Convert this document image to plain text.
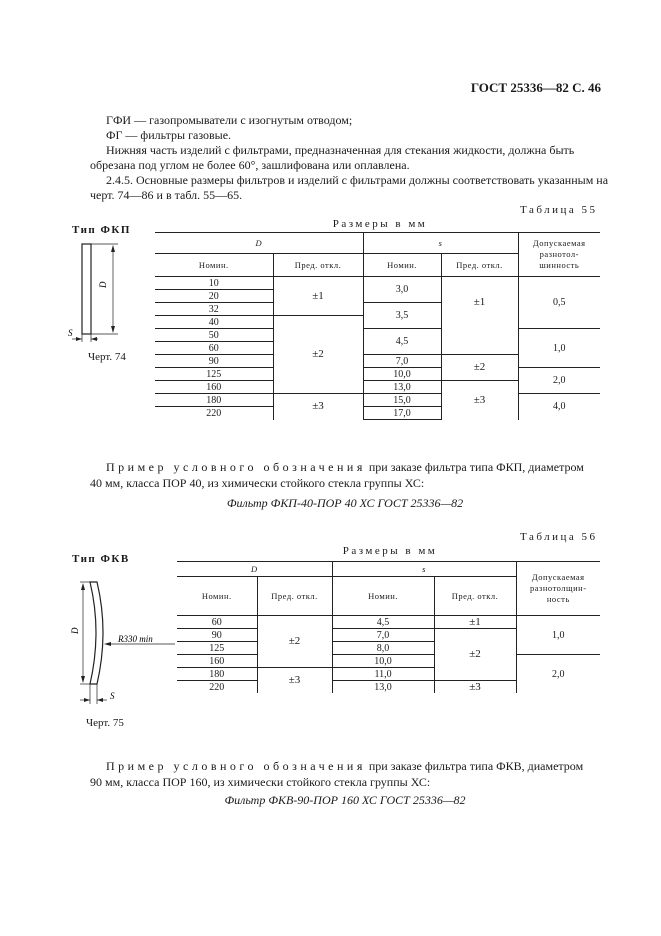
ГОСТ 25336—82 С. 46
ГФИ — газопромыватели с изогнутым отводом;
ФГ — фильтры газовые.
Нижняя часть изделий с фильтрами, предназначенная для стекания жидкости, должна быть
обрезана под углом не более 60°, зашлифована или оплавлена.
2.4.5. Основные размеры фильтров и изделий с фильтрами должны соответствовать указанным на
черт. 74—86 и в табл. 55—65.
Таблица 55
Размеры в мм
Тип ФКП
D
S
Черт. 74
D		s		Допускаемая
разнотол-
шинность

Номин.	Пред. откл.	Номин.	Пред. откл.	
10	±1	3,0	±1	0,5
20				
32		3,5		
40	±2			
50		4,5		1,0
60				
90		7,0	±2	
125		10,0		2,0
160		13,0	±3	
180	±3	15,0		4,0
220		17,0		
Пример условного обозначения при заказе фильтра типа ФКП, диаметром
40 мм, класса ПОР 40, из химически стойкого стекла группы ХС:
Фильтр ФКП-40-ПОР 40 ХС ГОСТ 25336—82
Таблица 56
Размеры в мм
Тип ФКВ
D
R330 min
S
Черт. 75
D		s		Допускаемая
разнотолщин-
ность

Номин.	Пред. откл.	Номин.	Пред. откл.	
60	±2	4,5	±1	1,0
90		7,0	±2	
125		8,0		
160		10,0		2,0
180	±3	11,0		
220		13,0	±3	
Пример условного обозначения при заказе фильтра типа ФКВ, диаметром
90 мм, класса ПОР 160, из химически стойкого стекла группы ХС:
Фильтр ФКВ-90-ПОР 160 ХС ГОСТ 25336—82
